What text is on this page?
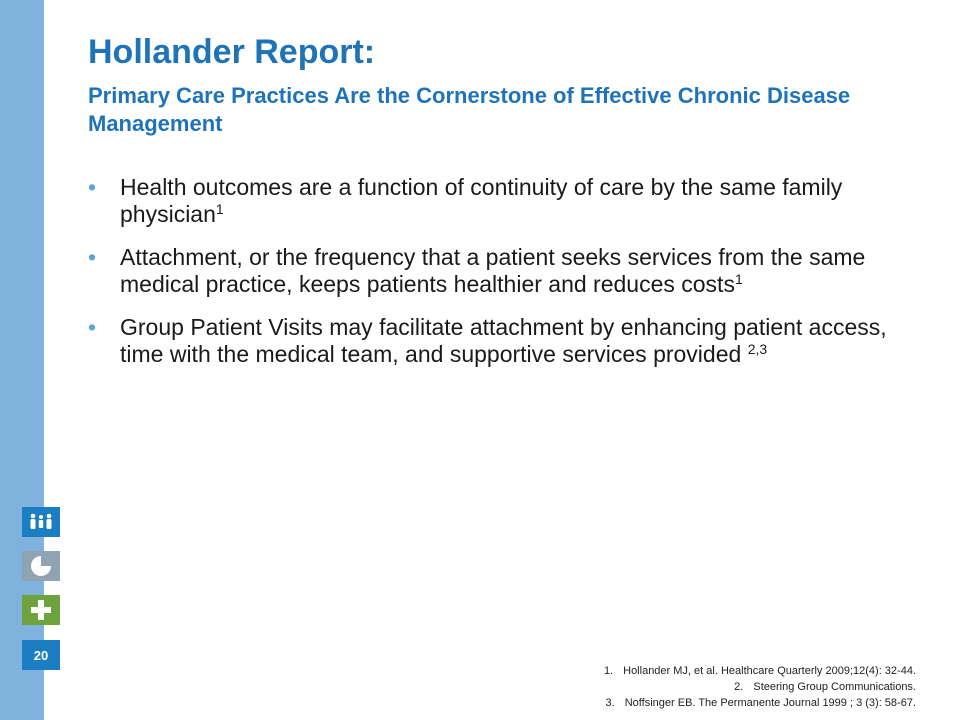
20
Hollander Report:
Primary Care Practices Are the Cornerstone of Effective Chronic Disease Management
• Health outcomes are a function of continuity of care by the same family physician$^1$
• Attachment, or the frequency that a patient seeks services from the same medical practice, keeps patients healthier and reduces costs$^1$
• Group Patient Visits may facilitate attachment by enhancing patient access, time with the medical team, and supportive services provided $^{2,3}$
1. Hollander MJ, et al. Healthcare Quarterly 2009;12(4): 32-44.
2. Steering Group Communications.
3. Noffsinger EB. The Permanente Journal 1999 ; 3 (3): 58-67.
